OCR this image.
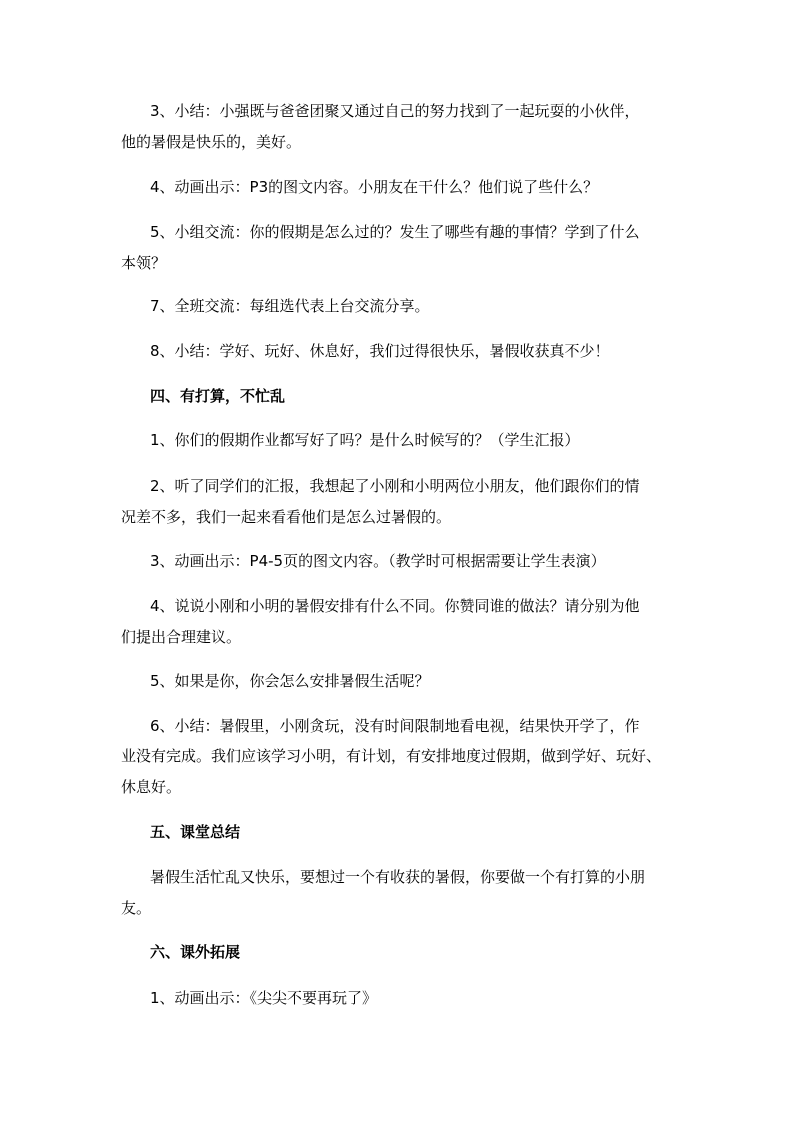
3、小结：小强既与爸爸团聚又通过自己的努力找到了一起玩耍的小伙伴，

他的暑假是快乐的，美好。

4、动画出示：P3的图文内容。小朋友在干什么？他们说了些什么？

5、小组交流：你的假期是怎么过的？发生了哪些有趣的事情？学到了什么

本领？

7、全班交流：每组选代表上台交流分享。

8、小结：学好、玩好、休息好，我们过得很快乐，暑假收获真不少！

四、有打算，不忙乱

1、你们的假期作业都写好了吗？是什么时候写的？（学生汇报）

2、听了同学们的汇报，我想起了小刚和小明两位小朋友，他们跟你们的情

况差不多，我们一起来看看他们是怎么过暑假的。

3、动画出示：P4-5页的图文内容。（教学时可根据需要让学生表演）

4、说说小刚和小明的暑假安排有什么不同。你赞同谁的做法？请分别为他

们提出合理建议。

5、如果是你，你会怎么安排暑假生活呢？

6、小结：暑假里，小刚贪玩，没有时间限制地看电视，结果快开学了，作

业没有完成。我们应该学习小明，有计划，有安排地度过假期，做到学好、玩好、

休息好。

五、课堂总结

暑假生活忙乱又快乐，要想过一个有收获的暑假，你要做一个有打算的小朋

友。

六、课外拓展

1、动画出示：《尖尖不要再玩了》
